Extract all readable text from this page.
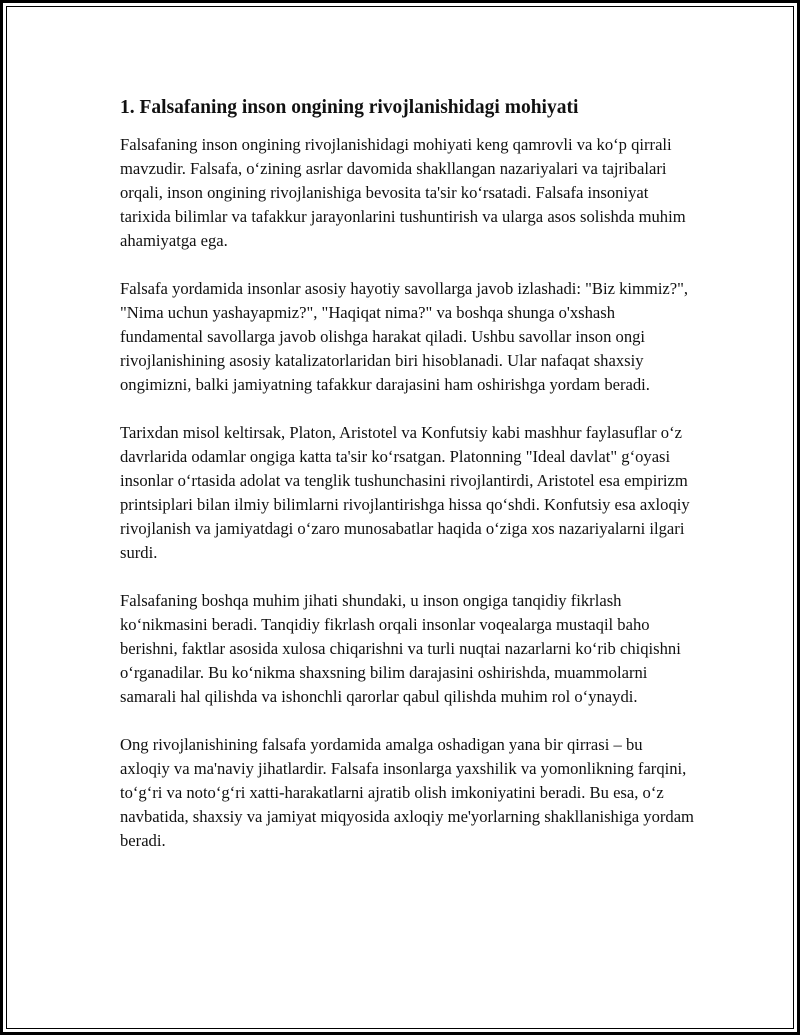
1. Falsafaning inson ongining rivojlanishidagi mohiyati

Falsafaning inson ongining rivojlanishidagi mohiyati keng qamrovli va ko‘p qirrali mavzudir. Falsafa, o‘zining asrlar davomida shakllangan nazariyalari va tajribalari orqali, inson ongining rivojlanishiga bevosita ta'sir ko‘rsatadi. Falsafa insoniyat tarixida bilimlar va tafakkur jarayonlarini tushuntirish va ularga asos solishda muhim ahamiyatga ega.

Falsafa yordamida insonlar asosiy hayotiy savollarga javob izlashadi: "Biz kimmiz?", "Nima uchun yashayapmiz?", "Haqiqat nima?" va boshqa shunga o'xshash fundamental savollarga javob olishga harakat qiladi. Ushbu savollar inson ongi rivojlanishining asosiy katalizatorlaridan biri hisoblanadi. Ular nafaqat shaxsiy ongimizni, balki jamiyatning tafakkur darajasini ham oshirishga yordam beradi.

Tarixdan misol keltirsak, Platon, Aristotel va Konfutsiy kabi mashhur faylasuflar o‘z davrlarida odamlar ongiga katta ta'sir ko‘rsatgan. Platonning "Ideal davlat" g‘oyasi insonlar o‘rtasida adolat va tenglik tushunchasini rivojlantirdi, Aristotel esa empirizm printsiplari bilan ilmiy bilimlarni rivojlantirishga hissa qo‘shdi. Konfutsiy esa axloqiy rivojlanish va jamiyatdagi o‘zaro munosabatlar haqida o‘ziga xos nazariyalarni ilgari surdi.

Falsafaning boshqa muhim jihati shundaki, u inson ongiga tanqidiy fikrlash ko‘nikmasini beradi. Tanqidiy fikrlash orqali insonlar voqealarga mustaqil baho berishni, faktlar asosida xulosa chiqarishni va turli nuqtai nazarlarni ko‘rib chiqishni o‘rganadilar. Bu ko‘nikma shaxsning bilim darajasini oshirishda, muammolarni samarali hal qilishda va ishonchli qarorlar qabul qilishda muhim rol o‘ynaydi.

Ong rivojlanishining falsafa yordamida amalga oshadigan yana bir qirrasi – bu axloqiy va ma'naviy jihatlardir. Falsafa insonlarga yaxshilik va yomonlikning farqini, to‘g‘ri va noto‘g‘ri xatti-harakatlarni ajratib olish imkoniyatini beradi. Bu esa, o‘z navbatida, shaxsiy va jamiyat miqyosida axloqiy me'yorlarning shakllanishiga yordam beradi.
